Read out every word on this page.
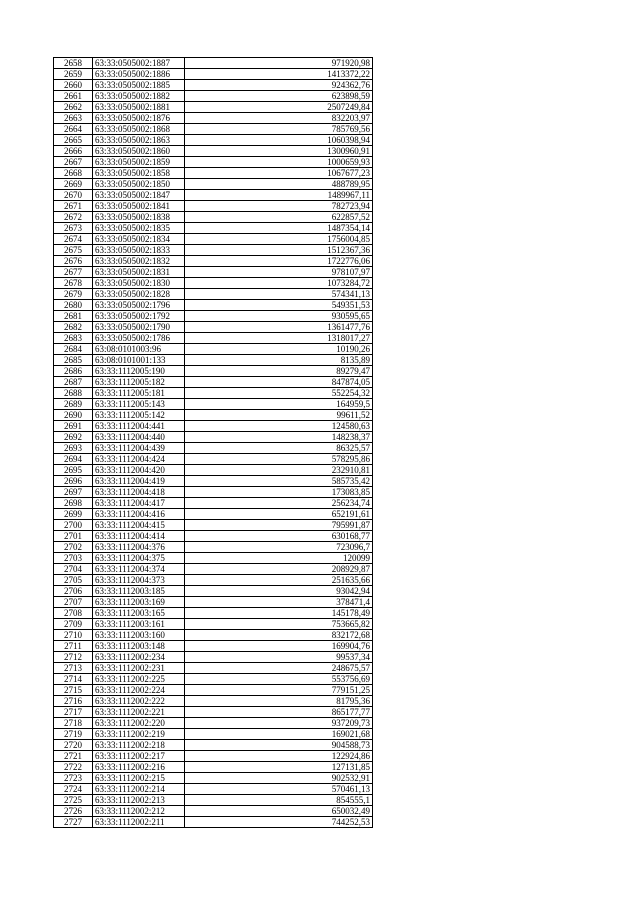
2658	63:33:0505002:1887	971920,98
2659	63:33:0505002:1886	1413372,22
2660	63:33:0505002:1885	924362,76
2661	63:33:0505002:1882	623898,59
2662	63:33:0505002:1881	2507249,84
2663	63:33:0505002:1876	832203,97
2664	63:33:0505002:1868	785769,56
2665	63:33:0505002:1863	1060398,94
2666	63:33:0505002:1860	1300960,91
2667	63:33:0505002:1859	1000659,93
2668	63:33:0505002:1858	1067677,23
2669	63:33:0505002:1850	488789,95
2670	63:33:0505002:1847	1489967,11
2671	63:33:0505002:1841	782723,94
2672	63:33:0505002:1838	622857,52
2673	63:33:0505002:1835	1487354,14
2674	63:33:0505002:1834	1756004,85
2675	63:33:0505002:1833	1512367,36
2676	63:33:0505002:1832	1722776,06
2677	63:33:0505002:1831	978107,97
2678	63:33:0505002:1830	1073284,72
2679	63:33:0505002:1828	574341,13
2680	63:33:0505002:1796	549351,53
2681	63:33:0505002:1792	930595,65
2682	63:33:0505002:1790	1361477,76
2683	63:33:0505002:1786	1318017,27
2684	63:08:0101003:96	10190,26
2685	63:08:0101001:133	8135,89
2686	63:33:1112005:190	89279,47
2687	63:33:1112005:182	847874,05
2688	63:33:1112005:181	552254,32
2689	63:33:1112005:143	164959,5
2690	63:33:1112005:142	99611,52
2691	63:33:1112004:441	124580,63
2692	63:33:1112004:440	148238,37
2693	63:33:1112004:439	86325,57
2694	63:33:1112004:424	578295,86
2695	63:33:1112004:420	232910,81
2696	63:33:1112004:419	585735,42
2697	63:33:1112004:418	173083,85
2698	63:33:1112004:417	256234,74
2699	63:33:1112004:416	652191,61
2700	63:33:1112004:415	795991,87
2701	63:33:1112004:414	630168,77
2702	63:33:1112004:376	723096,7
2703	63:33:1112004:375	120099
2704	63:33:1112004:374	208929,87
2705	63:33:1112004:373	251635,66
2706	63:33:1112003:185	93042,94
2707	63:33:1112003:169	378471,4
2708	63:33:1112003:165	145178,49
2709	63:33:1112003:161	753665,82
2710	63:33:1112003:160	832172,68
2711	63:33:1112003:148	169904,76
2712	63:33:1112002:234	99537,34
2713	63:33:1112002:231	248675,57
2714	63:33:1112002:225	553756,69
2715	63:33:1112002:224	779151,25
2716	63:33:1112002:222	81795,36
2717	63:33:1112002:221	865177,77
2718	63:33:1112002:220	937209,73
2719	63:33:1112002:219	169021,68
2720	63:33:1112002:218	904588,73
2721	63:33:1112002:217	122924,86
2722	63:33:1112002:216	127131,85
2723	63:33:1112002:215	902532,91
2724	63:33:1112002:214	570461,13
2725	63:33:1112002:213	854555,1
2726	63:33:1112002:212	650032,49
2727	63:33:1112002:211	744252,53
